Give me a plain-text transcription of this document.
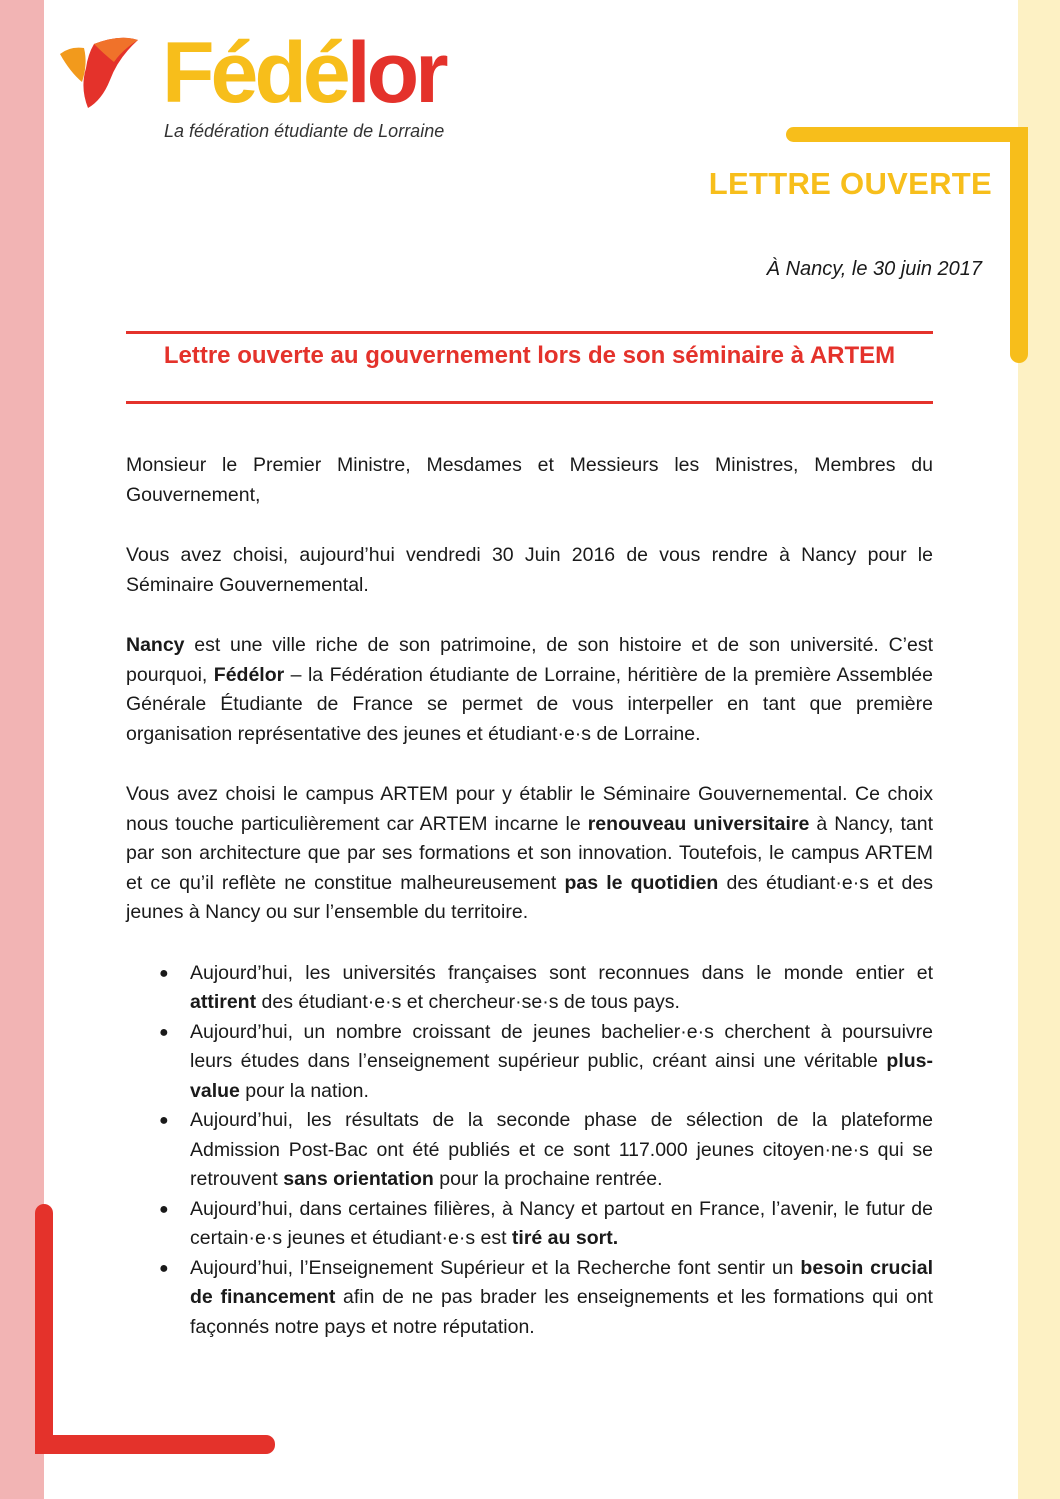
Fédélor
La fédération étudiante de Lorraine
LETTRE OUVERTE
À Nancy, le 30 juin 2017
Lettre ouverte au gouvernement lors de son séminaire à ARTEM

Monsieur le Premier Ministre, Mesdames et Messieurs les Ministres, Membres du Gouvernement,

Vous avez choisi, aujourd’hui vendredi 30 Juin 2016 de vous rendre à Nancy pour le Séminaire Gouvernemental.

Nancy est une ville riche de son patrimoine, de son histoire et de son université. C’est pourquoi, Fédélor – la Fédération étudiante de Lorraine, héritière de la première Assemblée Générale Étudiante de France se permet de vous interpeller en tant que première organisation représentative des jeunes et étudiant·e·s de Lorraine.

Vous avez choisi le campus ARTEM pour y établir le Séminaire Gouvernemental. Ce choix nous touche particulièrement car ARTEM incarne le renouveau universitaire à Nancy, tant par son architecture que par ses formations et son innovation. Toutefois, le campus ARTEM et ce qu’il reflète ne constitue malheureusement pas le quotidien des étudiant·e·s et des jeunes à Nancy ou sur l’ensemble du territoire.

● Aujourd’hui, les universités françaises sont reconnues dans le monde entier et attirent des étudiant·e·s et chercheur·se·s de tous pays.
● Aujourd’hui, un nombre croissant de jeunes bachelier·e·s cherchent à poursuivre leurs études dans l’enseignement supérieur public, créant ainsi une véritable plus-value pour la nation.
● Aujourd’hui, les résultats de la seconde phase de sélection de la plateforme Admission Post-Bac ont été publiés et ce sont 117.000 jeunes citoyen·ne·s qui se retrouvent sans orientation pour la prochaine rentrée.
● Aujourd’hui, dans certaines filières, à Nancy et partout en France, l’avenir, le futur de certain·e·s jeunes et étudiant·e·s est tiré au sort.
● Aujourd’hui, l’Enseignement Supérieur et la Recherche font sentir un besoin crucial de financement afin de ne pas brader les enseignements et les formations qui ont façonnés notre pays et notre réputation.
